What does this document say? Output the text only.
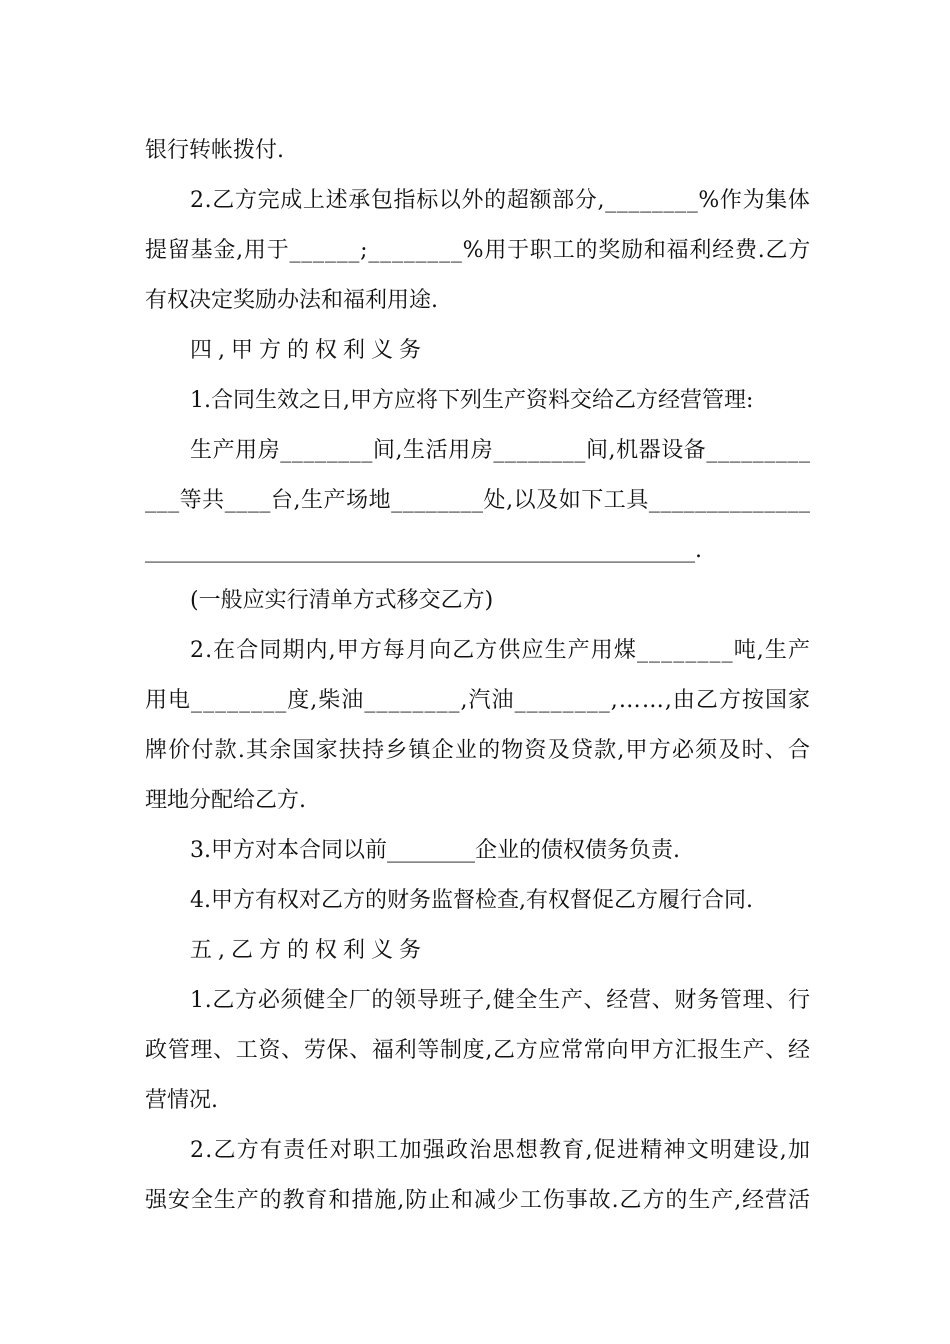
银行转帐拨付.
2.乙方完成上述承包指标以外的超额部分,________%作为集体
提留基金,用于______;________%用于职工的奖励和福利经费.乙方
有权决定奖励办法和福利用途.
四,甲方的权利义务
1.合同生效之日,甲方应将下列生产资料交给乙方经营管理:
生产用房________间,生活用房________间,机器设备_________
___等共____台,生产场地________处,以及如下工具______________
__________________________________________________.
(一般应实行清单方式移交乙方)
2.在合同期内,甲方每月向乙方供应生产用煤________吨,生产
用电________度,柴油________,汽油________,……,由乙方按国家
牌价付款.其余国家扶持乡镇企业的物资及贷款,甲方必须及时、合
理地分配给乙方.
3.甲方对本合同以前________企业的债权债务负责.
4.甲方有权对乙方的财务监督检查,有权督促乙方履行合同.
五,乙方的权利义务
1.乙方必须健全厂的领导班子,健全生产、经营、财务管理、行
政管理、工资、劳保、福利等制度,乙方应常常向甲方汇报生产、经
营情况.
2.乙方有责任对职工加强政治思想教育,促进精神文明建设,加
强安全生产的教育和措施,防止和减少工伤事故.乙方的生产,经营活
